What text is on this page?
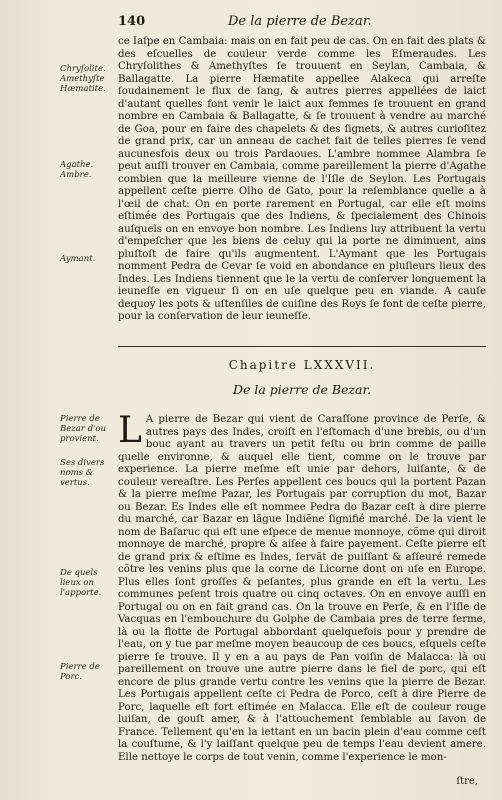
140	De la pierre de Bezar.
Chryſolite. Amethyſte Hæmatite.
Agathe. Ambre.
Aymant.

ce Iaſpe en Cambaia: mais on en fait peu de cas. On en fait des plats & des eſcuelles de couleur verde comme les Eſmeraudes. Les Chryſolithes & Amethyſtes ſe trouuent en Seylan, Cambaia, & Ballagatte. La pierre Hæmatite appellee Alakeca qui arreſte ſoudainement le flux de ſang, & autres pierres appellées de laict d'autant quelles font venir le laict aux femmes ſe trouuent en grand nombre en Cambaia & Ballagatte, & ſe trouuent à vendre au marché de Goa, pour en faire des chapelets & des ſignets, & autres curioſitez de grand prix, car un anneau de cachet fait de telles pierres ſe vend aucunesfois deux ou trois Pardaoues. L'ambre nommee Alambra ſe peut auſſi trouver en Cambaia, comme pareillement la pierre d'Agathe combien que la meilleure vienne de l'Iſle de Seylon. Les Portugais appellent ceſte pierre Olho de Gato, pour la reſemblance quelle a à l'œil de chat: On en porte rarement en Portugal, car elle eſt moins eſtimée des Portugais que des Indiens, & ſpecialement des Chinois auſquels on en envoye bon nombre. Les Indiens luy attribuent la vertu d'empeſcher que les biens de celuy qui la porte ne diminuent, ains pluſtoſt de faire qu'ils augmentent. L'Aymant que les Portugais nomment Pedra de Cevar ſe void en abondance en pluſieurs lieux des Indes. Les Indiens tiennent que le la vertu de conſerver longuement la ieuneſſe en vigueur ſi on en uſe quelque peu en viande. A cauſe dequoy les pots & uſtenſiles de cuiſine des Roys ſe font de ceſte pierre, pour la conſervation de leur ieuneſſe.

Chapitre LXXXVII.
De la pierre de Bezar.
Pierre de Bezar d'ou provient.
Ses divers noms & vertus.
De quels lieux on l'apporte.
Pierre de Porc.

L A pierre de Bezar qui vient de Caraſſone province de Perſe, & autres pays des Indes, croiſt en l'eſtomach d'une brebis, ou d'un bouc ayant au travers un petit feſtu ou brin comme de paille quelle environne, & auquel elle tient, comme on le trouve par experience. La pierre meſme eſt unie par dehors, luiſante, & de couleur vereaſtre. Les Perſes appellent ces boucs qui la portent Pazan & la pierre meſme Pazar, les Portugais par corruption du mot, Bazar ou Bezar. Es Indes elle eſt nommee Pedra do Bazar ceſt à dire pierre du marché, car Bazar en lãgue Indiẽne ſignifié marché. De la vient le nom de Baſaruc qui eſt une eſpece de menue monnoye, cõme qui diroit monnoye de marché, propre & aiſee à faire payement. Ceſte pierre eſt de grand prix & eſtime es Indes, ſervãt de puiſſant & aſſeuré remede cõtre les venins plus que la corne de Licorne dont on uſe en Europe. Plus elles ſont groſſes & peſantes, plus grande en eſt la vertu. Les communes peſent trois quatre ou cinq octaves. On en envoye auſſi en Portugal ou on en fait grand cas. On la trouve en Perſe, & en l'Iſle de Vacquas en l'embouchure du Golphe de Cambaia pres de terre ferme, là ou la flotte de Portugal abbordant quelquefois pour y prendre de l'eau, on y tue par meſme moyen beaucoup de ces boucs, eſquels ceſte pierre ſe trouve. Il y en a au pays de Pan voiſin de Malacca: là ou pareillement on trouve une autre pierre dans le fiel de porc, qui eſt encore de plus grande vertu contre les venins que la pierre de Bezar. Les Portugais appellent ceſte ci Pedra de Porco, ceſt à dire Pierre de Porc, laquelle eſt fort eſtimée en Malacca. Elle eſt de couleur rouge luiſan, de gouſt amer, & à l'attouchement ſemblable au ſavon de France. Tellement qu'en la iettant en un bacin plein d'eau comme ceſt la couſtume, & l'y laiſſant quelque peu de temps l'eau devient amere. Elle nettoye le corps de tout venin, comme l'experience le mon-

ſtre,
